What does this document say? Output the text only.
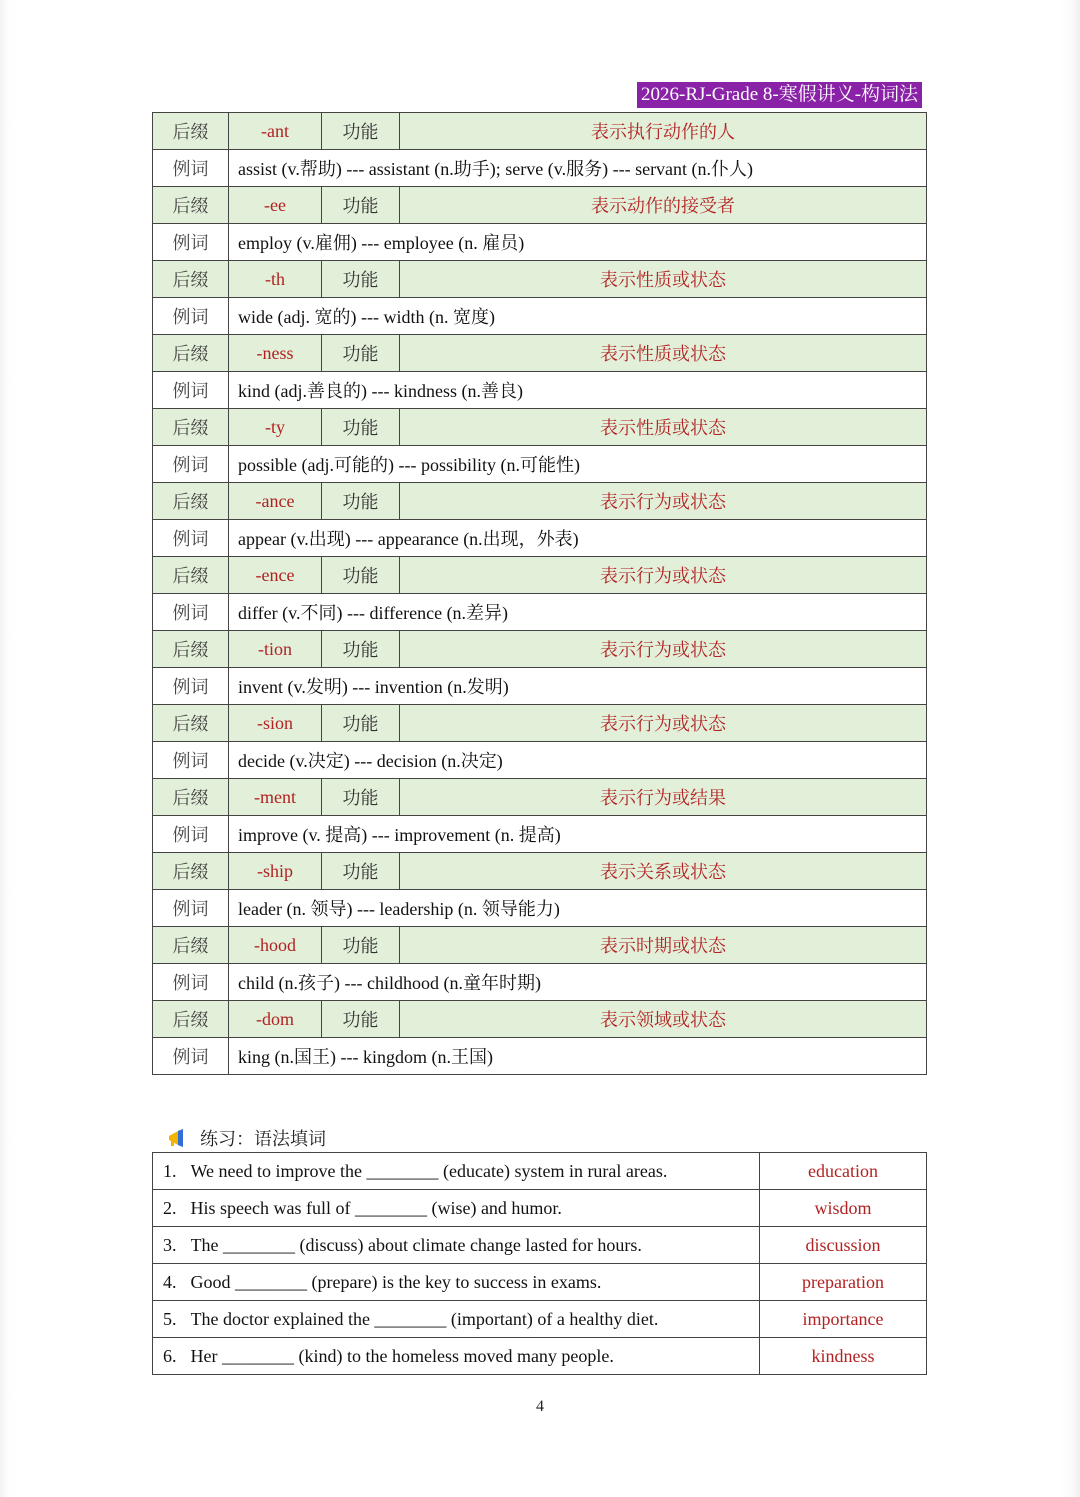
2026-RJ-Grade 8-寒假讲义-构词法
后缀	-ant	功能	表示执行动作的人
例词	assist (v.帮助) --- assistant (n.助手); serve (v.服务) --- servant (n.仆人)		
后缀	-ee	功能	表示动作的接受者
例词	employ (v.雇佣) --- employee (n. 雇员)		
后缀	-th	功能	表示性质或状态
例词	wide (adj. 宽的) --- width (n. 宽度)		
后缀	-ness	功能	表示性质或状态
例词	kind (adj.善良的) --- kindness (n.善良)		
后缀	-ty	功能	表示性质或状态
例词	possible (adj.可能的) --- possibility (n.可能性)		
后缀	-ance	功能	表示行为或状态
例词	appear (v.出现) --- appearance (n.出现，外表)		
后缀	-ence	功能	表示行为或状态
例词	differ (v.不同) --- difference (n.差异)		
后缀	-tion	功能	表示行为或状态
例词	invent (v.发明) --- invention (n.发明)		
后缀	-sion	功能	表示行为或状态
例词	decide (v.决定) --- decision (n.决定)		
后缀	-ment	功能	表示行为或结果
例词	improve (v. 提高) --- improvement (n. 提高)		
后缀	-ship	功能	表示关系或状态
例词	leader (n. 领导) --- leadership (n. 领导能力)		
后缀	-hood	功能	表示时期或状态
例词	child (n.孩子) --- childhood (n.童年时期)		
后缀	-dom	功能	表示领域或状态
例词	king (n.国王) --- kingdom (n.王国)		
练习：语法填词
1.	We need to improve the ________ (educate) system in rural areas.	education
2.	His speech was full of ________ (wise) and humor.	wisdom
3.	The ________ (discuss) about climate change lasted for hours.	discussion
4.	Good ________ (prepare) is the key to success in exams.	preparation
5.	The doctor explained the ________ (important) of a healthy diet.	importance
6.	Her ________ (kind) to the homeless moved many people.	kindness
4
